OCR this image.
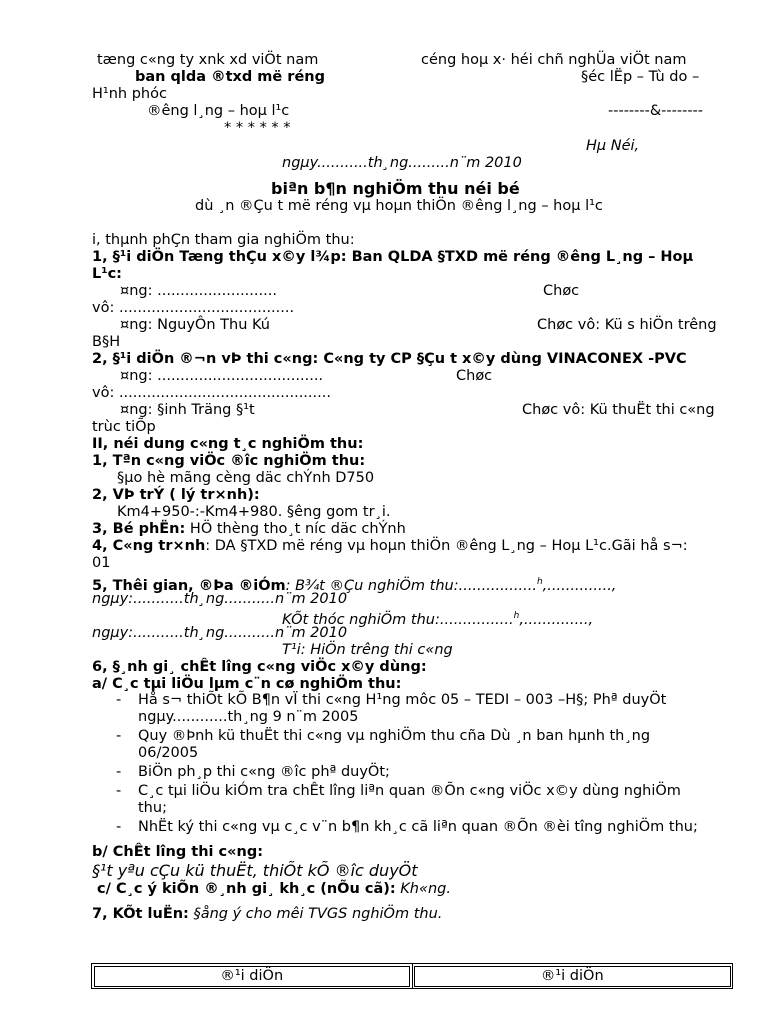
tæng c«ng ty xnk xd viÖt nam	céng hoµ x· héi chñ nghÜa viÖt nam
ban qlda ®txd më réng	§éc lËp – Tù do –
H¹nh phóc
®êng l¸ng – hoµ l¹c	--------&--------
* * * * * *
Hµ Néi,
ngµy...........th¸ng.........n¨m 2010
biªn b¶n nghiÖm thu néi bé
dù ¸n ®Çu t më réng vµ hoµn thiÖn ®êng l¸ng – hoµ l¹c
i, thµnh phÇn tham gia nghiÖm thu:
1, §¹i diÖn Tæng thÇu x©y l¾p: Ban QLDA §TXD më réng ®êng L¸ng – Hoµ L¹c:
¤ng: ..........................	Chøc
vô: ......................................
¤ng: NguyÔn Thu Kú	Chøc vô: Kü s hiÖn trêng
B§H
2, §¹i diÖn ®¬n vÞ thi c«ng: C«ng ty CP §Çu t x©y dùng VINACONEX -PVC
¤ng: ....................................	Chøc
vô: ..............................................
¤ng: §inh Träng §¹t	Chøc vô: Kü thuËt thi c«ng
trùc tiÕp
II, néi dung c«ng t¸c nghiÖm thu:
1, Tªn c«ng viÖc ®îc nghiÖm thu:
§µo hè mãng cèng däc chÝnh D750
2, VÞ trÝ ( lý tr×nh):
Km4+950-:-Km4+980. §êng gom tr¸i.
3, Bé phËn: HÖ thèng tho¸t níc däc chÝnh
4, C«ng tr×nh: DA §TXD më réng vµ hoµn thiÖn ®êng L¸ng – Hoµ L¹c.Gãi hå s¬:
01
5, Thêi gian, ®Þa ®iÓm: B¾t ®Çu nghiÖm thu:.................$^h$,..............,
ngµy:...........th¸ng...........n¨m 2010
KÕt thóc nghiÖm thu:................$^h$,..............,
ngµy:...........th¸ng...........n¨m 2010
T¹i: HiÖn trêng thi c«ng
6, §¸nh gi¸ chÊt lîng c«ng viÖc x©y dùng:
a/ C¸c tµi liÖu lµm c¨n cø nghiÖm thu:
- Hå s¬ thiÕt kÕ B¶n vÏ thi c«ng H¹ng môc 05 – TEDI – 003 –H§; Phª duyÖt ngµy............th¸ng 9 n¨m 2005
- Quy ®Þnh kü thuËt thi c«ng vµ nghiÖm thu cña Dù ¸n ban hµnh th¸ng 06/2005
- BiÖn ph¸p thi c«ng ®îc phª duyÖt;
- C¸c tµi liÖu kiÓm tra chÊt lîng liªn quan ®Õn c«ng viÖc x©y dùng nghiÖm thu;
- NhËt ký thi c«ng vµ c¸c v¨n b¶n kh¸c cã liªn quan ®Õn ®èi tîng nghiÖm thu;
b/ ChÊt lîng thi c«ng:
§¹t yªu cÇu kü thuËt, thiÕt kÕ ®îc duyÖt
c/ C¸c ý kiÕn ®¸nh gi¸ kh¸c (nÕu cã): Kh«ng.
7, KÕt luËn: §ång ý cho mêi TVGS nghiÖm thu.
®¹i diÖn	®¹i diÖn
